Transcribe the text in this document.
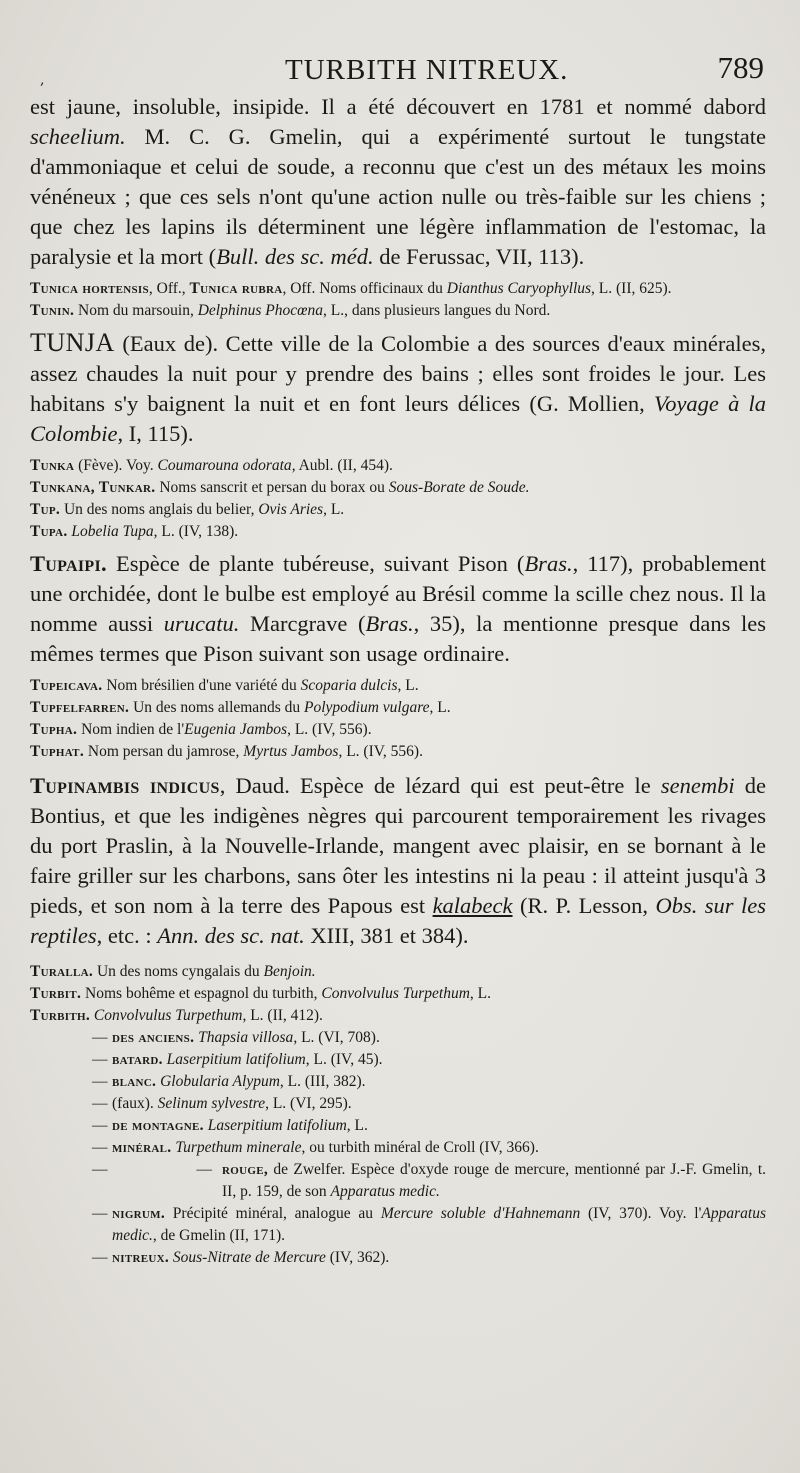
,	TURBITH NITREUX.	789

est jaune, insoluble, insipide. Il a été découvert en 1781 et nommé dabord scheelium. M. C. G. Gmelin, qui a expérimenté surtout le tungstate d'ammoniaque et celui de soude, a reconnu que c'est un des métaux les moins vénéneux ; que ces sels n'ont qu'une action nulle ou très-faible sur les chiens ; que chez les lapins ils déterminent une légère inflammation de l'estomac, la paralysie et la mort (Bull. des sc. méd. de Ferussac, VII, 113).

Tunica hortensis, Off., Tunica rubra, Off. Noms officinaux du Dianthus Caryophyllus, L. (II, 625).

Tunin. Nom du marsouin, Delphinus Phocœna, L., dans plusieurs langues du Nord.

TUNJA (Eaux de). Cette ville de la Colombie a des sources d'eaux minérales, assez chaudes la nuit pour y prendre des bains ; elles sont froides le jour. Les habitans s'y baignent la nuit et en font leurs délices (G. Mollien, Voyage à la Colombie, I, 115).

Tunka (Fève). Voy. Coumarouna odorata, Aubl. (II, 454).

Tunkana, Tunkar. Noms sanscrit et persan du borax ou Sous-Borate de Soude.

Tup. Un des noms anglais du belier, Ovis Aries, L.

Tupa. Lobelia Tupa, L. (IV, 138).

Tupaipi. Espèce de plante tubéreuse, suivant Pison (Bras., 117), probablement une orchidée, dont le bulbe est employé au Brésil comme la scille chez nous. Il la nomme aussi urucatu. Marcgrave (Bras., 35), la mentionne presque dans les mêmes termes que Pison suivant son usage ordinaire.

Tupeicava. Nom brésilien d'une variété du Scoparia dulcis, L.

Tupfelfarren. Un des noms allemands du Polypodium vulgare, L.

Tupha. Nom indien de l'Eugenia Jambos, L. (IV, 556).

Tuphat. Nom persan du jamrose, Myrtus Jambos, L. (IV, 556).

Tupinambis indicus, Daud. Espèce de lézard qui est peut-être le senembi de Bontius, et que les indigènes nègres qui parcourent temporairement les rivages du port Praslin, à la Nouvelle-Irlande, mangent avec plaisir, en se bornant à le faire griller sur les charbons, sans ôter les intestins ni la peau : il atteint jusqu'à 3 pieds, et son nom à la terre des Papous est kalabeck (R. P. Lesson, Obs. sur les reptiles, etc. : Ann. des sc. nat. XIII, 381 et 384).

Turalla. Un des noms cyngalais du Benjoin.

Turbit. Noms bohême et espagnol du turbith, Convolvulus Turpethum, L.

Turbith. Convolvulus Turpethum, L. (II, 412).

— des anciens. Thapsia villosa, L. (VI, 708).
— batard. Laserpitium latifolium, L. (IV, 45).
— blanc. Globularia Alypum, L. (III, 382).
— (faux). Selinum sylvestre, L. (VI, 295).
— de montagne. Laserpitium latifolium, L.
— minéral. Turpethum minerale, ou turbith minéral de Croll (IV, 366).
—	— rouge, de Zwelfer. Espèce d'oxyde rouge de mercure, mentionné par J.-F. Gmelin, t. II, p. 159, de son Apparatus medic.
— nigrum. Précipité minéral, analogue au Mercure soluble d'Hahnemann (IV, 370). Voy. l'Apparatus medic., de Gmelin (II, 171).
— nitreux. Sous-Nitrate de Mercure (IV, 362).
